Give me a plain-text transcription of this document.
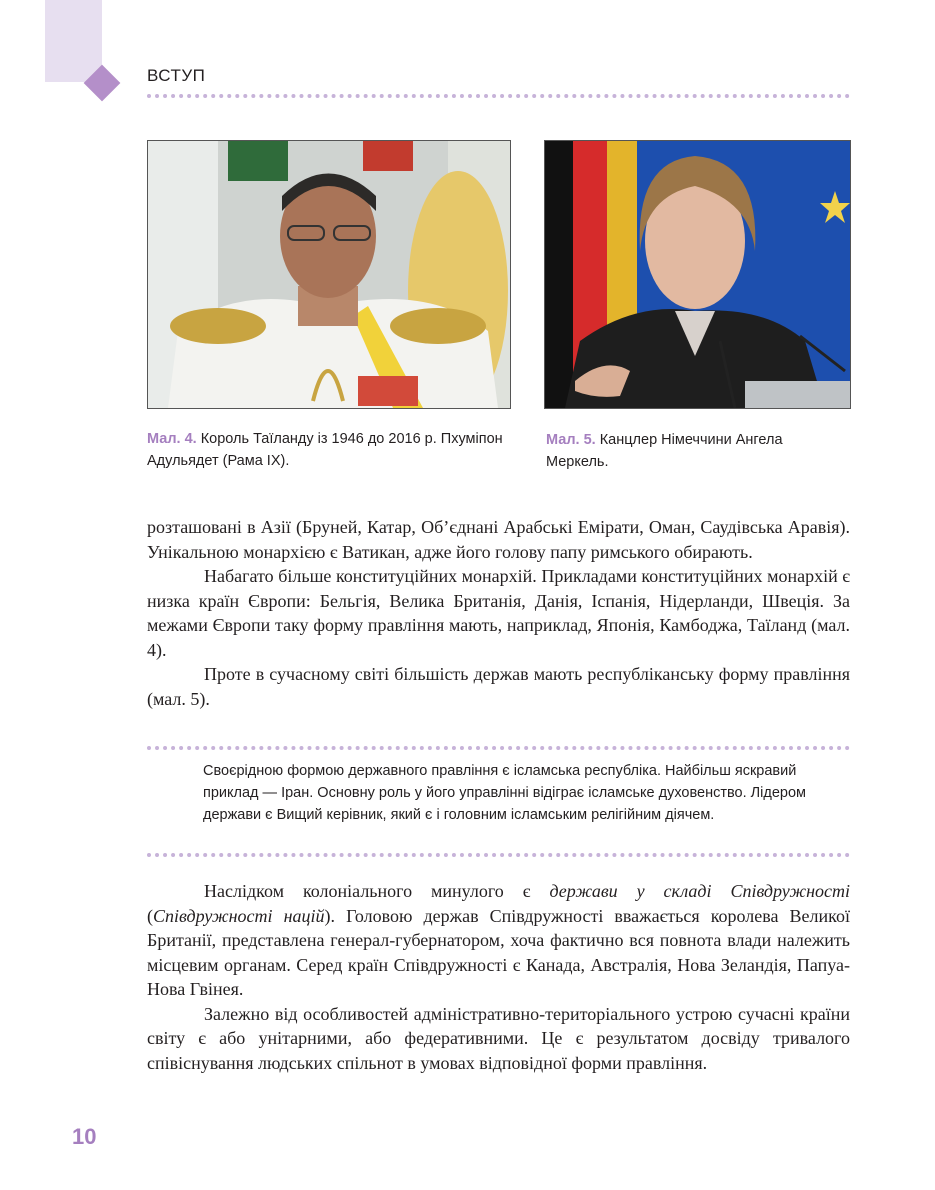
ВСТУП
Мал. 4. Король Таїланду із 1946 до 2016 р. Пхуміпон Адульядет (Рама IX).
Мал. 5. Канцлер Німеччини Ангела Меркель.

розташовані в Азії (Бруней, Катар, Об’єднані Арабські Емірати, Оман, Саудівська Аравія). Унікальною монархією є Ватикан, адже його голову папу римського обирають.

Набагато більше конституційних монархій. Прикладами конституційних монархій є низка країн Європи: Бельгія, Велика Британія, Данія, Іспанія, Нідерланди, Швеція. За межами Європи таку форму правління мають, наприклад, Японія, Камбоджа, Таїланд (мал. 4).

Проте в сучасному світі більшість держав мають республіканську форму правління (мал. 5).

Своєрідною формою державного правління є ісламська республіка. Найбільш яскравий приклад — Іран. Основну роль у його управлінні відіграє ісламське духовенство. Лідером держави є Вищий керівник, який є і головним ісламським релігійним діячем.

Наслідком колоніального минулого є держави у складі Співдружності (Співдружності націй). Головою держав Співдружності вважається королева Великої Британії, представлена генерал-губернатором, хоча фактично вся повнота влади належить місцевим органам. Серед країн Співдружності є Канада, Австралія, Нова Зеландія, Папуа-Нова Гвінея.

Залежно від особливостей адміністративно-територіального устрою сучасні країни світу є або унітарними, або федеративними. Це є результатом досвіду тривалого співіснування людських спільнот в умовах відповідної форми правління.

10
